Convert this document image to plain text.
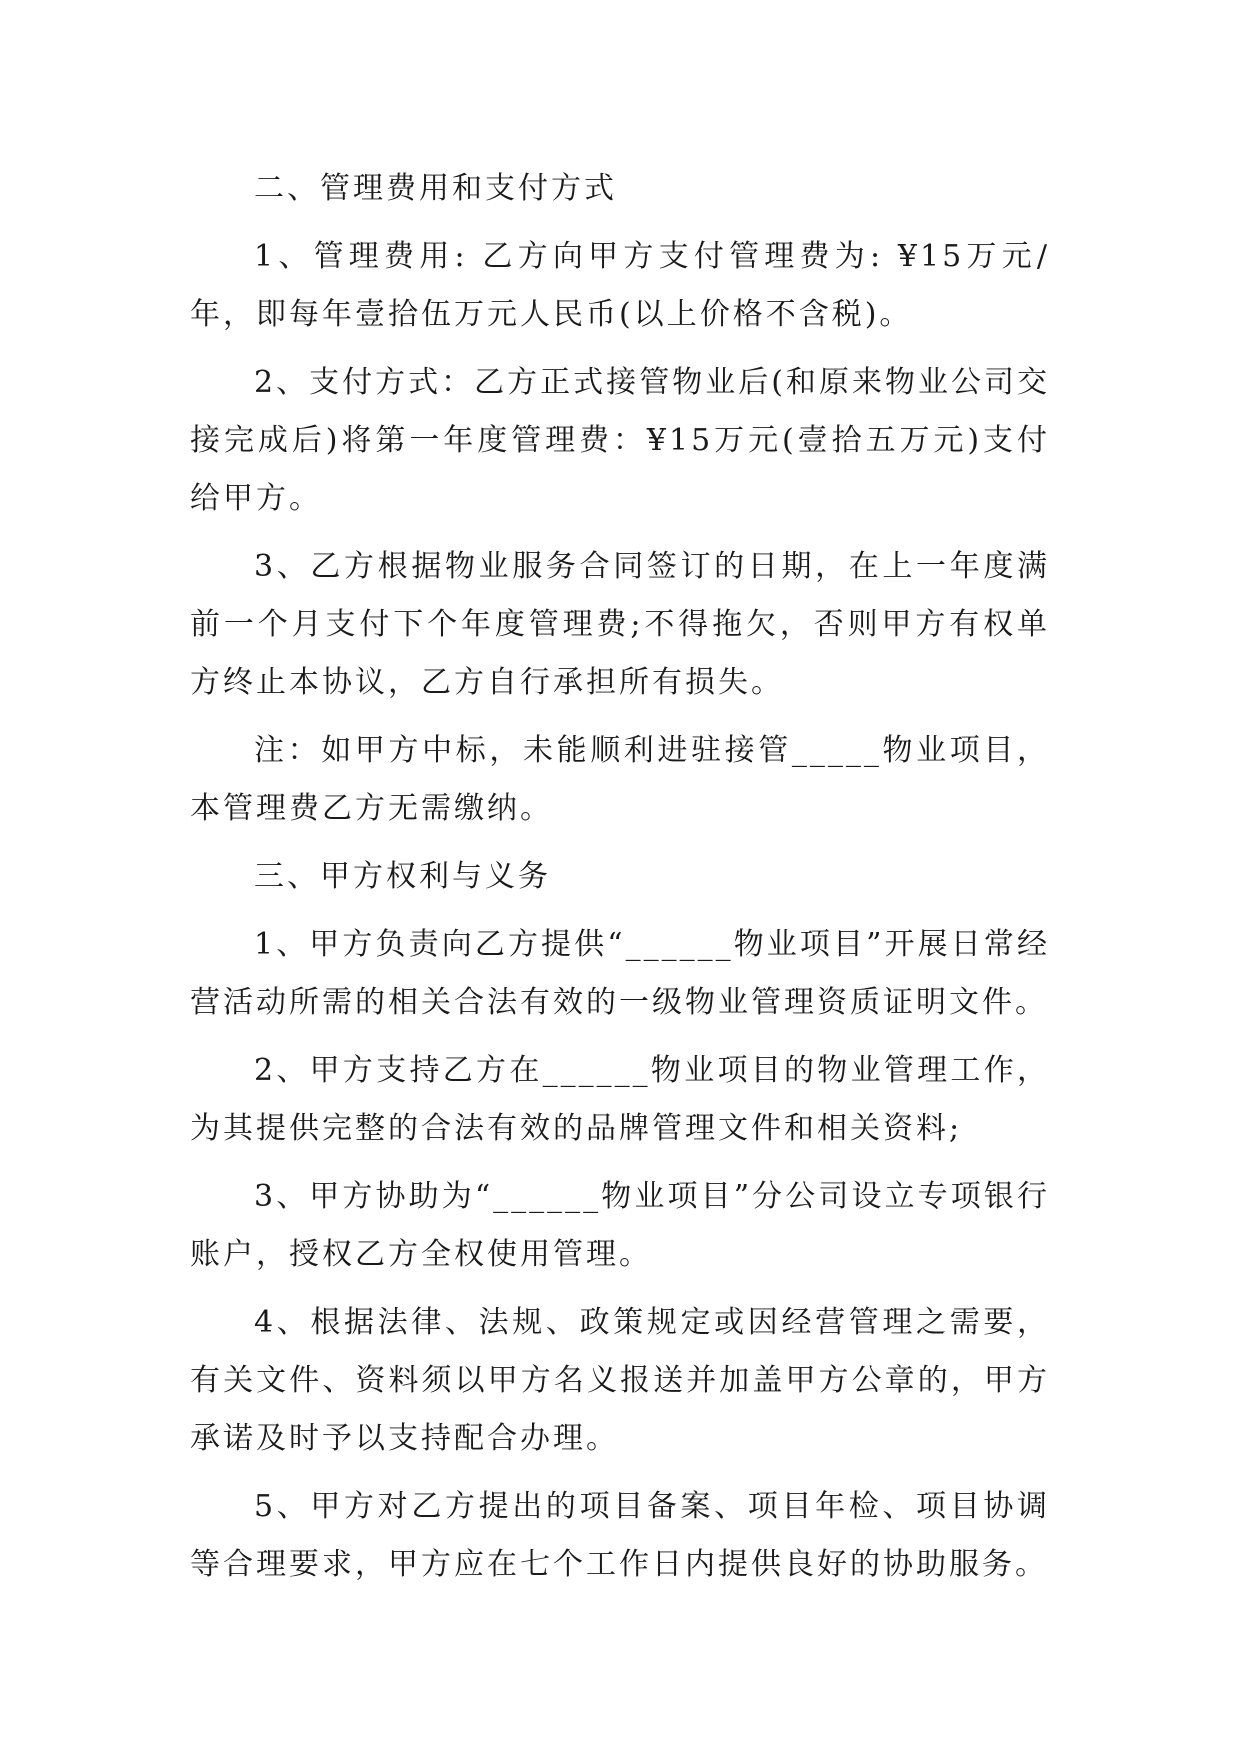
二、管理费用和支付方式

1、管理费用: 乙方向甲方支付管理费为: ¥15万元/年，即每年壹拾伍万元人民币(以上价格不含税)。

2、支付方式：乙方正式接管物业后(和原来物业公司交接完成后)将第一年度管理费：¥15万元(壹拾五万元)支付给甲方。

3、乙方根据物业服务合同签订的日期，在上一年度满前一个月支付下个年度管理费;不得拖欠，否则甲方有权单方终止本协议，乙方自行承担所有损失。

注：如甲方中标，未能顺利进驻接管_____物业项目，本管理费乙方无需缴纳。

三、甲方权利与义务

1、甲方负责向乙方提供“______物业项目”开展日常经营活动所需的相关合法有效的一级物业管理资质证明文件。

2、甲方支持乙方在______物业项目的物业管理工作，为其提供完整的合法有效的品牌管理文件和相关资料;

3、甲方协助为“______物业项目”分公司设立专项银行账户，授权乙方全权使用管理。

4、根据法律、法规、政策规定或因经营管理之需要，有关文件、资料须以甲方名义报送并加盖甲方公章的，甲方承诺及时予以支持配合办理。

5、甲方对乙方提出的项目备案、项目年检、项目协调等合理要求，甲方应在七个工作日内提供良好的协助服务。
